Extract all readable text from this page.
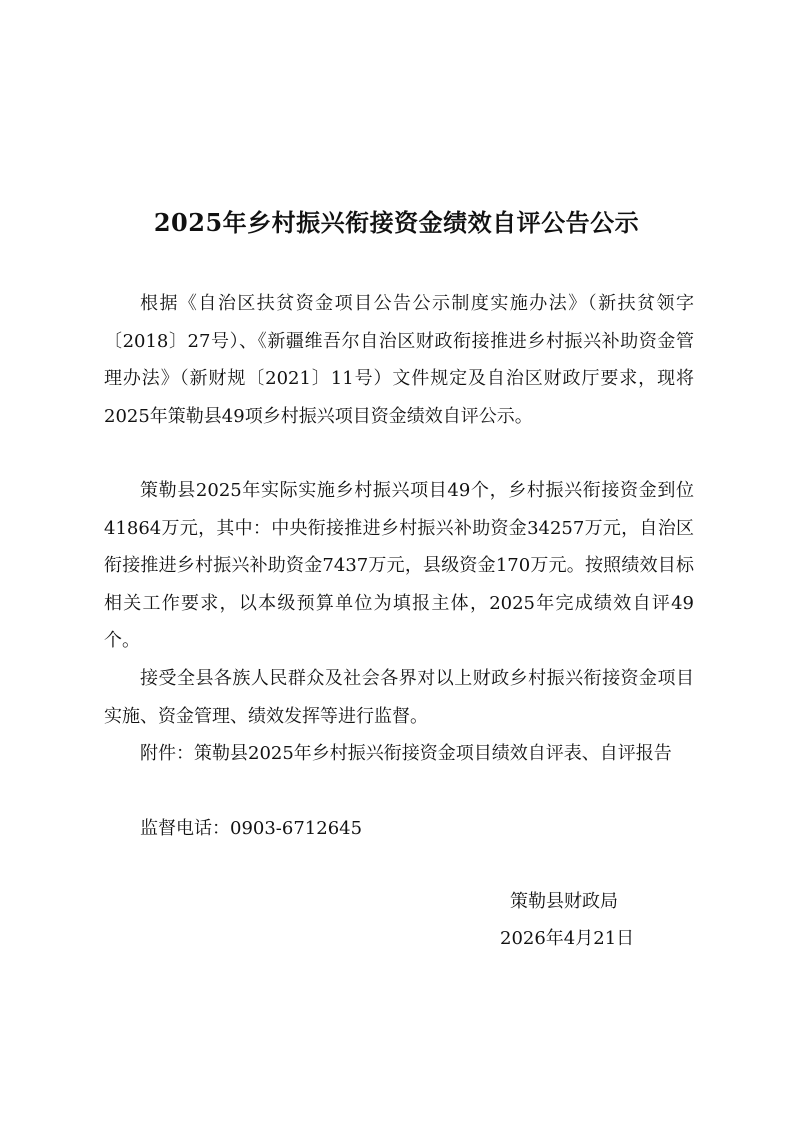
2025年乡村振兴衔接资金绩效自评公告公示

根据《自治区扶贫资金项目公告公示制度实施办法》（新扶贫领字〔2018〕27号）、《新疆维吾尔自治区财政衔接推进乡村振兴补助资金管理办法》（新财规〔2021〕11号）文件规定及自治区财政厅要求，现将2025年策勒县49项乡村振兴项目资金绩效自评公示。

策勒县2025年实际实施乡村振兴项目49个，乡村振兴衔接资金到位41864万元，其中：中央衔接推进乡村振兴补助资金34257万元，自治区衔接推进乡村振兴补助资金7437万元，县级资金170万元。按照绩效目标相关工作要求，以本级预算单位为填报主体，2025年完成绩效自评49个。

接受全县各族人民群众及社会各界对以上财政乡村振兴衔接资金项目实施、资金管理、绩效发挥等进行监督。

附件：策勒县2025年乡村振兴衔接资金项目绩效自评表、自评报告

监督电话：0903-6712645

策勒县财政局

2026年4月21日
